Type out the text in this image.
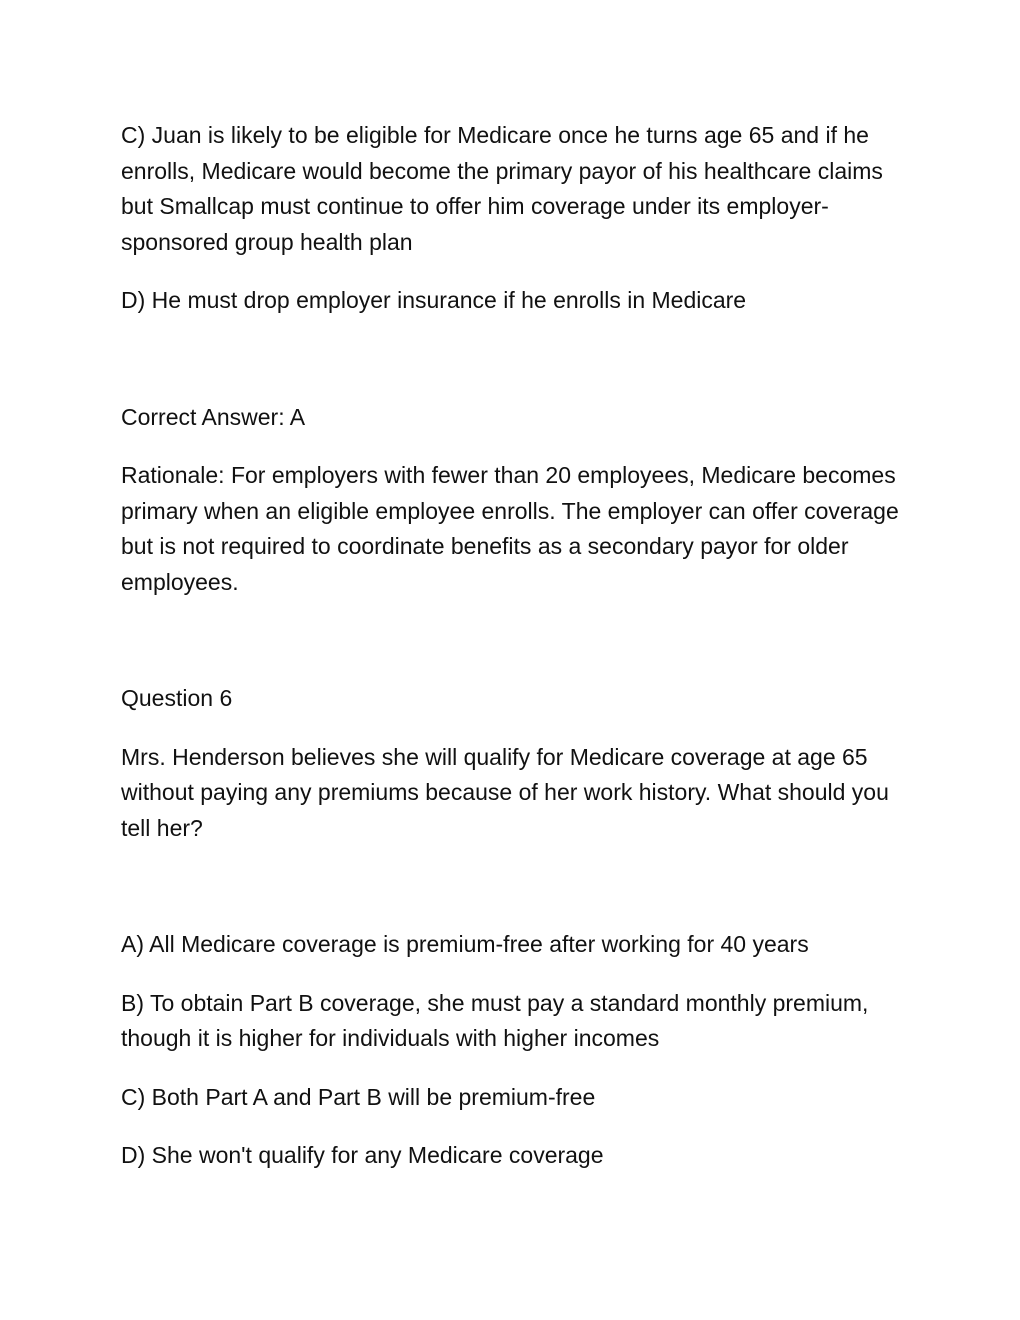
C) Juan is likely to be eligible for Medicare once he turns age 65 and if he enrolls, Medicare would become the primary payor of his healthcare claims but Smallcap must continue to offer him coverage under its employer-sponsored group health plan

D) He must drop employer insurance if he enrolls in Medicare

Correct Answer: A

Rationale: For employers with fewer than 20 employees, Medicare becomes primary when an eligible employee enrolls. The employer can offer coverage but is not required to coordinate benefits as a secondary payor for older employees.

Question 6

Mrs. Henderson believes she will qualify for Medicare coverage at age 65 without paying any premiums because of her work history. What should you tell her?

A) All Medicare coverage is premium-free after working for 40 years

B) To obtain Part B coverage, she must pay a standard monthly premium, though it is higher for individuals with higher incomes

C) Both Part A and Part B will be premium-free

D) She won't qualify for any Medicare coverage
